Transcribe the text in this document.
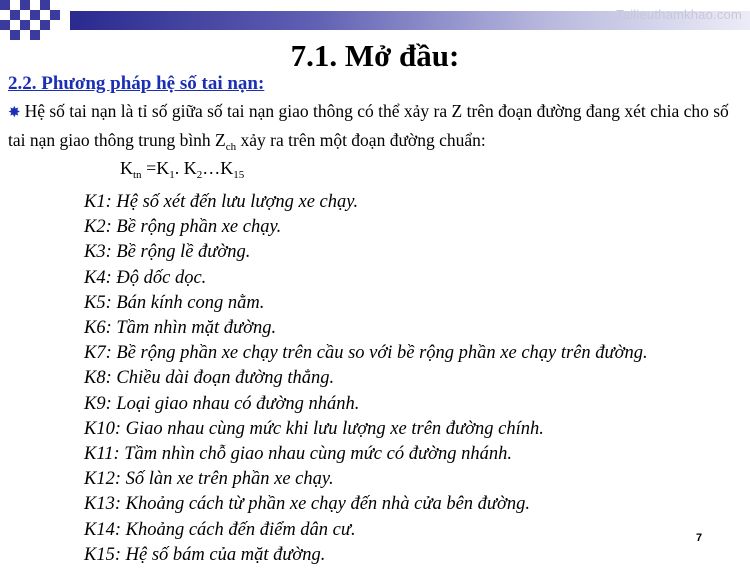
Tailieuthamkhao.com
7.1. Mở đầu:
2.2. Phương pháp hệ số tai nạn:
✸ Hệ số tai nạn là tỉ số giữa số tai nạn giao thông có thể xảy ra Z trên đoạn đường đang xét chia cho số tai nạn giao thông trung bình $Z_{ch}$ xảy ra trên một đoạn đường chuẩn:
$K_{tn} =K_1$. $K_2\dots K_{15}$
K1: Hệ số xét đến lưu lượng xe chạy.
K2: Bề rộng phần xe chạy.
K3: Bề rộng lề đường.
K4: Độ dốc dọc.
K5: Bán kính cong nằm.
K6: Tầm nhìn mặt đường.
K7: Bề rộng phần xe chạy trên cầu so với bề rộng phần xe chạy trên đường.
K8: Chiều dài đoạn đường thẳng.
K9: Loại giao nhau có đường nhánh.
K10: Giao nhau cùng mức khi lưu lượng xe trên đường chính.
K11: Tầm nhìn chỗ giao nhau cùng mức có đường nhánh.
K12: Số làn xe trên phần xe chạy.
K13: Khoảng cách từ phần xe chạy đến nhà cửa bên đường.
K14: Khoảng cách đến điểm dân cư.
K15: Hệ số bám của mặt đường.
7
